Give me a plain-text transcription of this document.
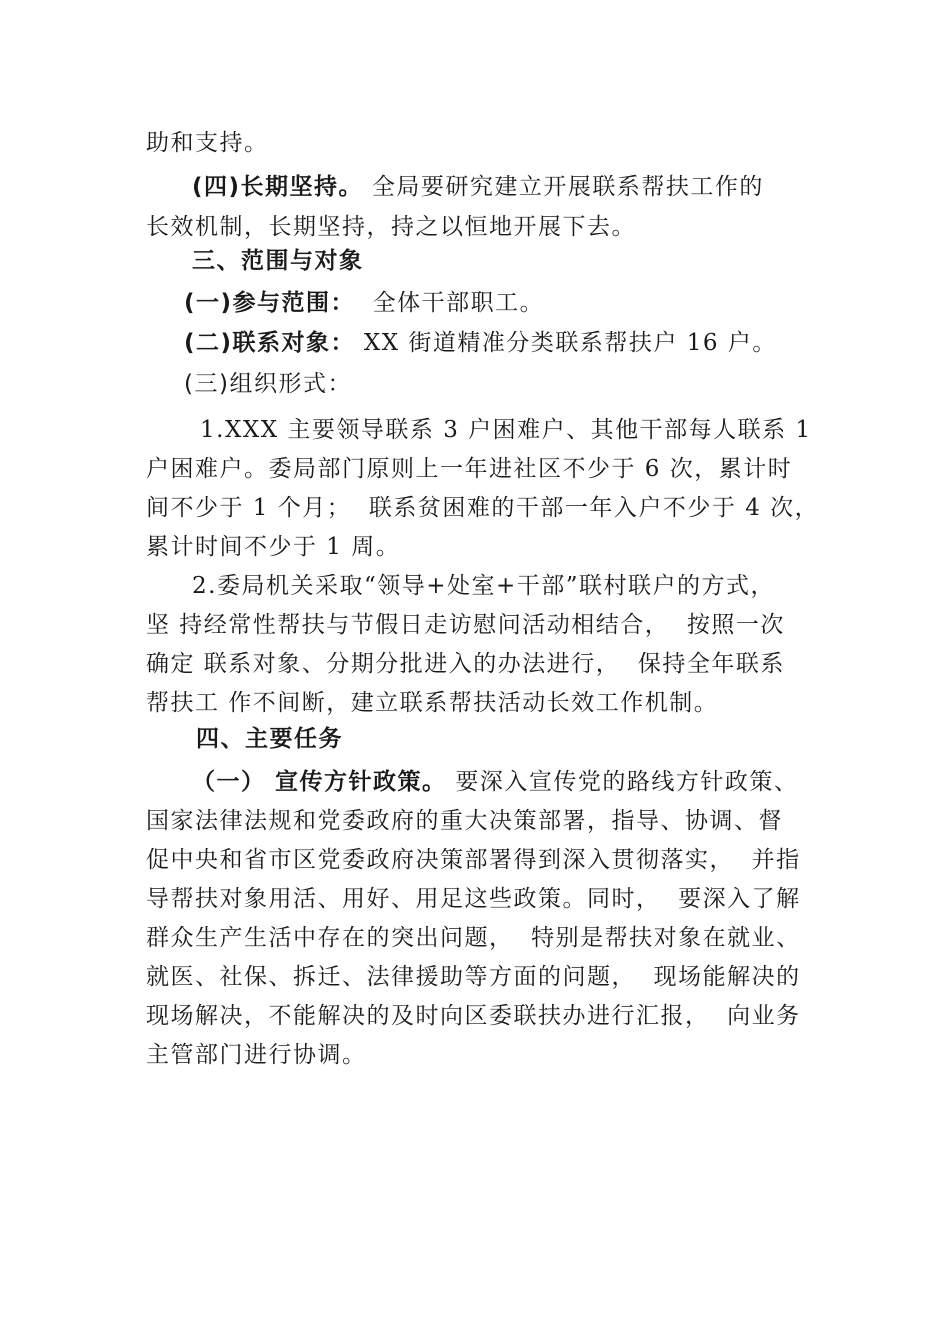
助和支持。
(四)长期坚持。 全局要研究建立开展联系帮扶工作的
长效机制，长期坚持，持之以恒地开展下去。
三、范围与对象
(一)参与范围：  全体干部职工。
(二)联系对象： XX 街道精准分类联系帮扶户 16 户。
(三)组织形式：
1.XXX 主要领导联系 3 户困难户、其他干部每人联系 1
户困难户。委局部门原则上一年进社区不少于 6 次，累计时
间不少于 1 个月；  联系贫困难的干部一年入户不少于 4 次，
累计时间不少于 1 周。
2.委局机关采取“领导+处室+干部”联村联户的方式，
坚 持经常性帮扶与节假日走访慰问活动相结合，  按照一次
确定 联系对象、分期分批进入的办法进行，  保持全年联系
帮扶工 作不间断，建立联系帮扶活动长效工作机制。
四、主要任务
（一） 宣传方针政策。 要深入宣传党的路线方针政策、
国家法律法规和党委政府的重大决策部署，指导、协调、督
促中央和省市区党委政府决策部署得到深入贯彻落实，  并指
导帮扶对象用活、用好、用足这些政策。同时，  要深入了解
群众生产生活中存在的突出问题，  特别是帮扶对象在就业、
就医、社保、拆迁、法律援助等方面的问题，  现场能解决的
现场解决，不能解决的及时向区委联扶办进行汇报，  向业务
主管部门进行协调。
